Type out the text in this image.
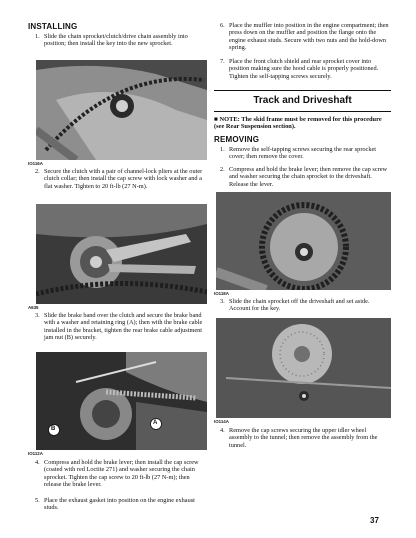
INSTALLING
1. Slide the chain sprocket/clutch/drive chain assembly into position; then install the key into the new sprocket.
IO116A
2. Secure the clutch with a pair of channel-lock pliers at the outer clutch collar; then install the cap screw with lock washer and a flat washer. Tighten to 20 ft-lb (27 N-m).
A635
3. Slide the brake band over the clutch and secure the brake band with a washer and retaining ring (A); then with the brake cable installed in the bracket, tighten the rear brake cable adjustment jam nut (B) securely.
B
A
IO112A
4. Compress and hold the brake lever; then install the cap screw (coated with red Loctite 271) and washer securing the chain sprocket. Tighten the cap screw to 20 ft-lb (27 N-m); then release the brake lever.
5. Place the exhaust gasket into position on the engine exhaust studs.
6. Place the muffler into position in the engine compartment; then press down on the muffler and position the flange onto the engine exhaust studs. Secure with two nuts and the hold-down spring.
7. Place the front clutch shield and rear sprocket cover into position making sure the hood cable is properly positioned. Tighten the self-tapping screws securely.
Track and Driveshaft
■ NOTE: The skid frame must be removed for this procedure (see Rear Suspension section).
REMOVING
1. Remove the self-tapping screws securing the rear sprocket cover; then remove the cover.
2. Compress and hold the brake lever; then remove the cap screw and washer securing the chain sprocket to the driveshaft. Release the lever.
IO118A
3. Slide the chain sprocket off the driveshaft and set aside. Account for the key.
IO114A
4. Remove the cap screws securing the upper idler wheel assembly to the tunnel; then remove the assembly from the tunnel.
37
